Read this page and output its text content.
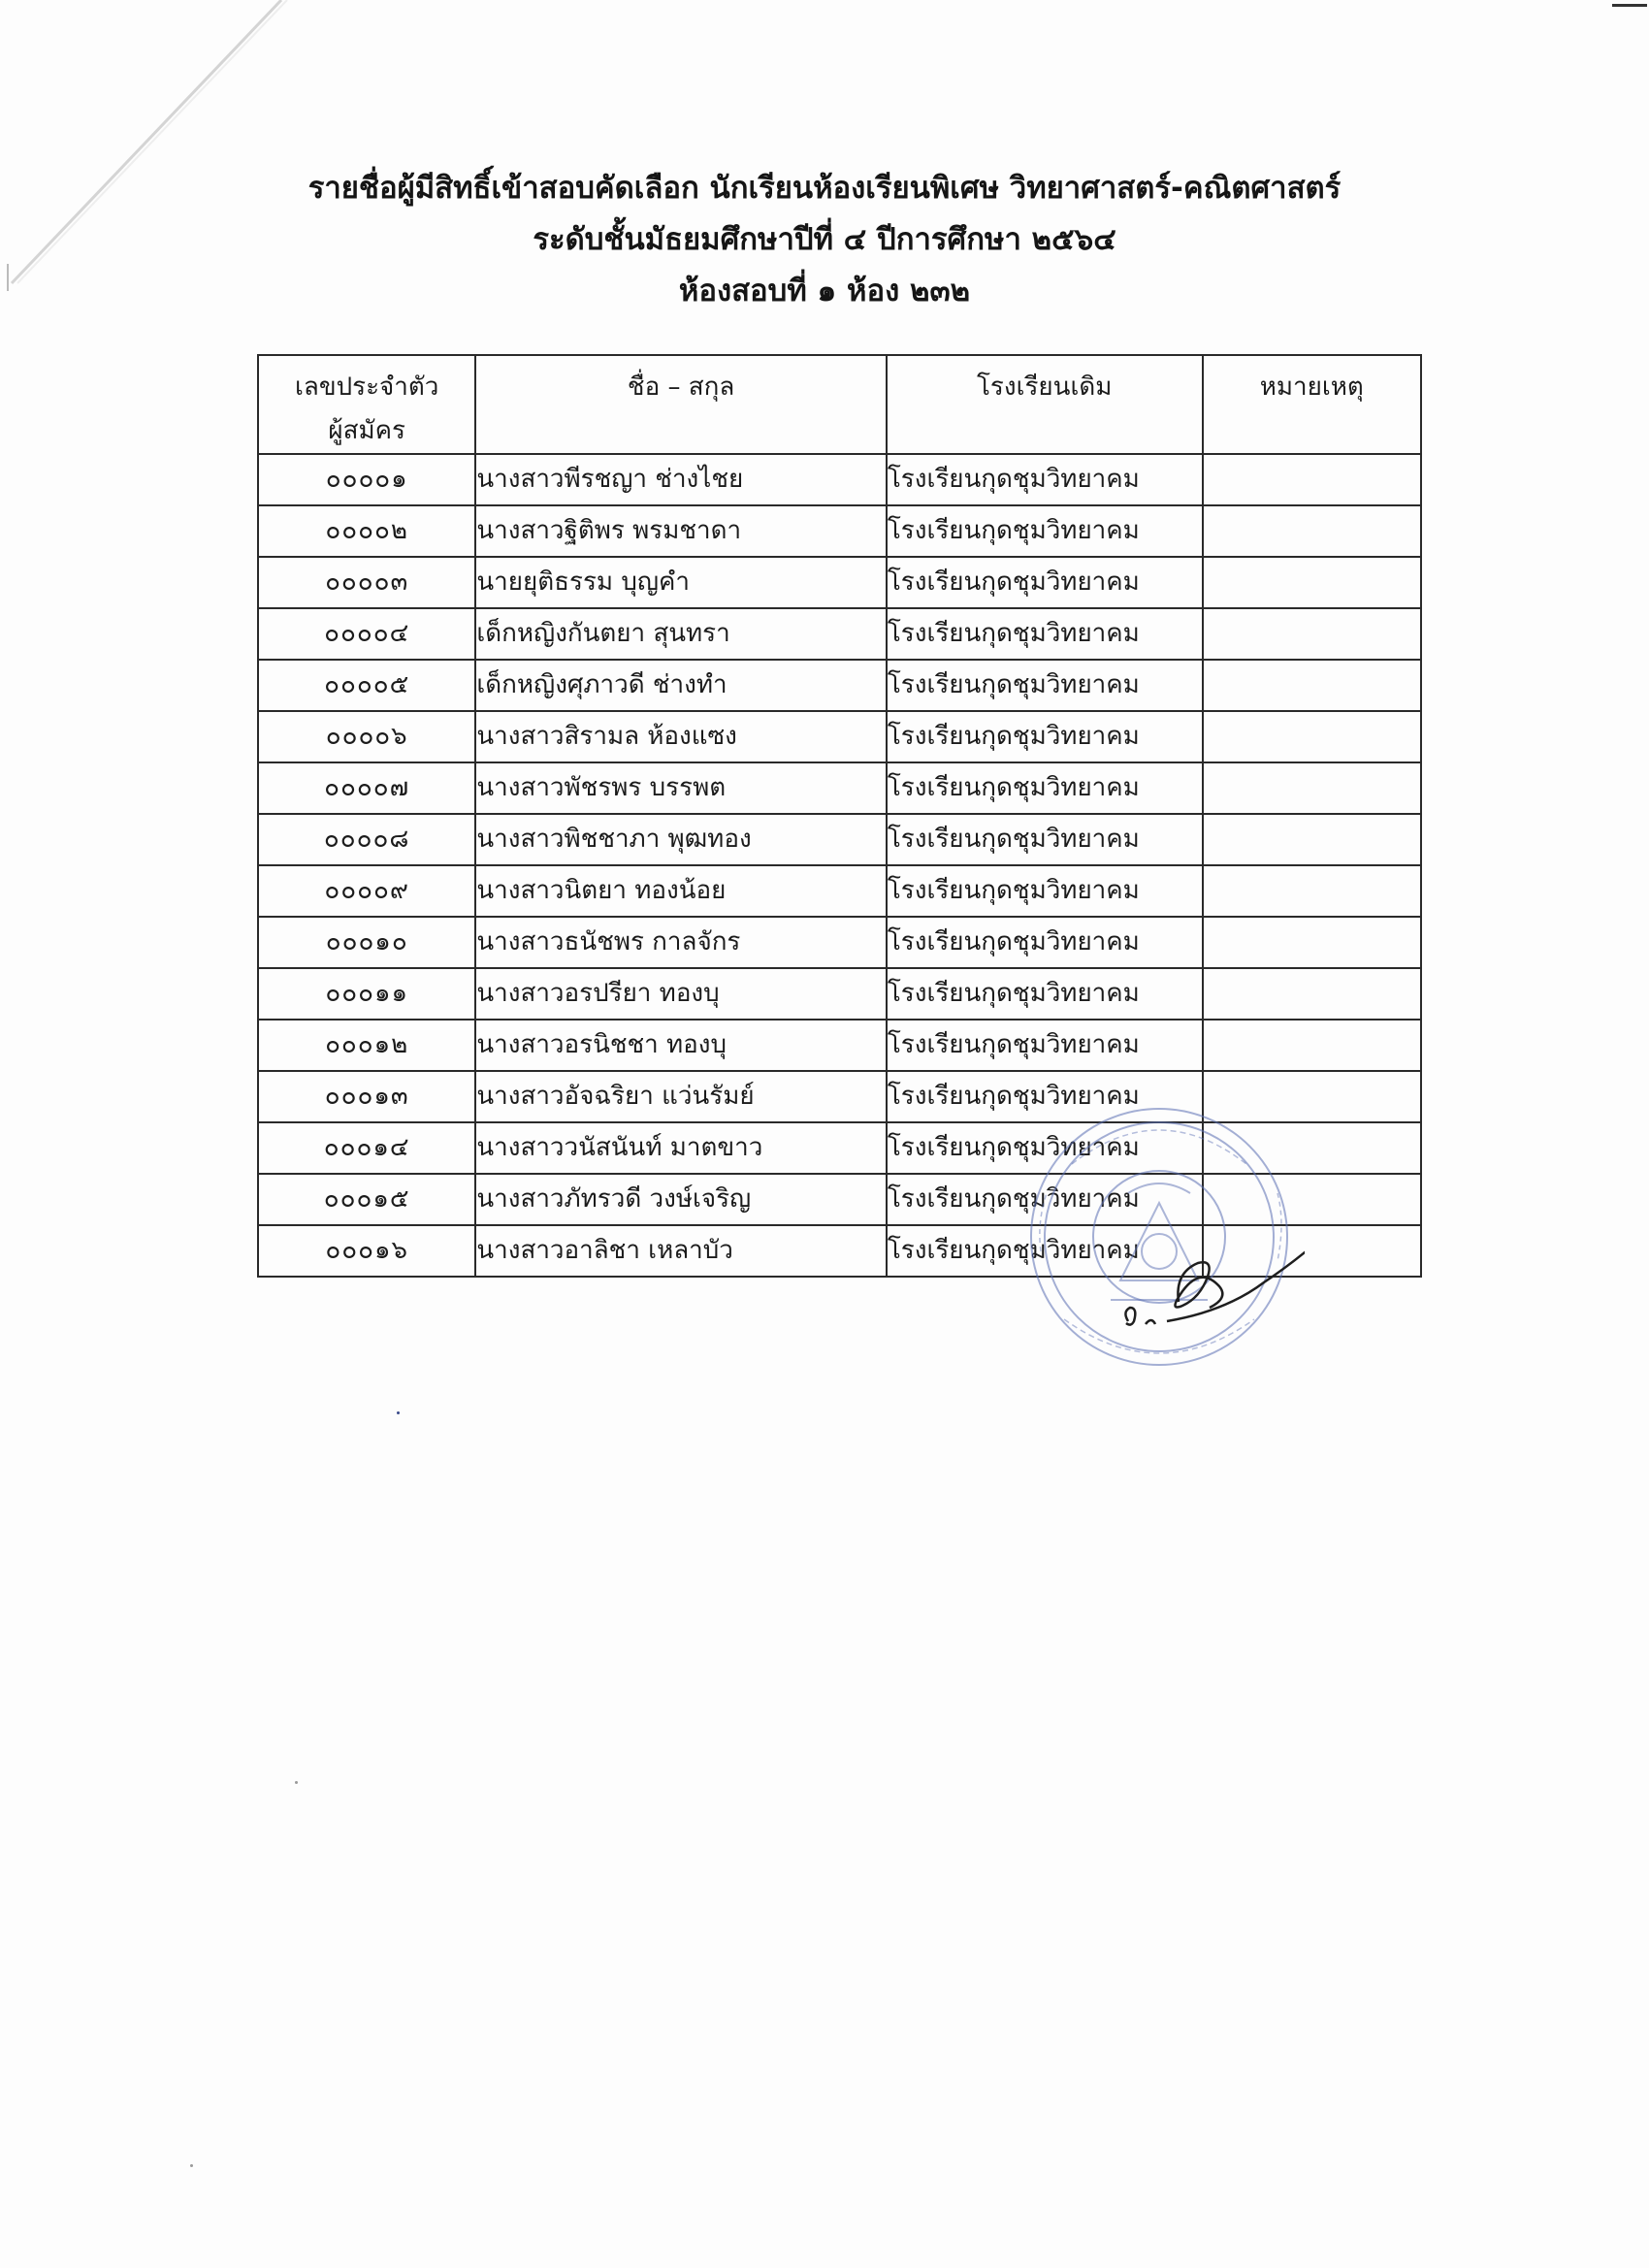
รายชื่อผู้มีสิทธิ์เข้าสอบคัดเลือก นักเรียนห้องเรียนพิเศษ วิทยาศาสตร์-คณิตศาสตร์
ระดับชั้นมัธยมศึกษาปีที่ ๔ ปีการศึกษา ๒๕๖๔
ห้องสอบที่ ๑ ห้อง ๒๓๒
เลขประจำตัว
ผู้สมัคร	ชื่อ – สกุล	โรงเรียนเดิม	หมายเหตุ
๐๐๐๐๑	นางสาวพีรชญา ช่างไชย	โรงเรียนกุดชุมวิทยาคม	
๐๐๐๐๒	นางสาวฐิติพร พรมชาดา	โรงเรียนกุดชุมวิทยาคม	
๐๐๐๐๓	นายยุติธรรม บุญคำ	โรงเรียนกุดชุมวิทยาคม	
๐๐๐๐๔	เด็กหญิงกันตยา สุนทรา	โรงเรียนกุดชุมวิทยาคม	
๐๐๐๐๕	เด็กหญิงศุภาวดี ช่างทำ	โรงเรียนกุดชุมวิทยาคม	
๐๐๐๐๖	นางสาวสิรามล ห้องแซง	โรงเรียนกุดชุมวิทยาคม	
๐๐๐๐๗	นางสาวพัชรพร บรรพต	โรงเรียนกุดชุมวิทยาคม	
๐๐๐๐๘	นางสาวพิชชาภา พุฒทอง	โรงเรียนกุดชุมวิทยาคม	
๐๐๐๐๙	นางสาวนิตยา ทองน้อย	โรงเรียนกุดชุมวิทยาคม	
๐๐๐๑๐	นางสาวธนัชพร กาลจักร	โรงเรียนกุดชุมวิทยาคม	
๐๐๐๑๑	นางสาวอรปรียา ทองบุ	โรงเรียนกุดชุมวิทยาคม	
๐๐๐๑๒	นางสาวอรนิชชา ทองบุ	โรงเรียนกุดชุมวิทยาคม	
๐๐๐๑๓	นางสาวอัจฉริยา แว่นรัมย์	โรงเรียนกุดชุมวิทยาคม	
๐๐๐๑๔	นางสาววนัสนันท์ มาตขาว	โรงเรียนกุดชุมวิทยาคม	
๐๐๐๑๕	นางสาวภัทรวดี วงษ์เจริญ	โรงเรียนกุดชุมวิทยาคม	
๐๐๐๑๖	นางสาวอาลิชา เหลาบัว	โรงเรียนกุดชุมวิทยาคม	
